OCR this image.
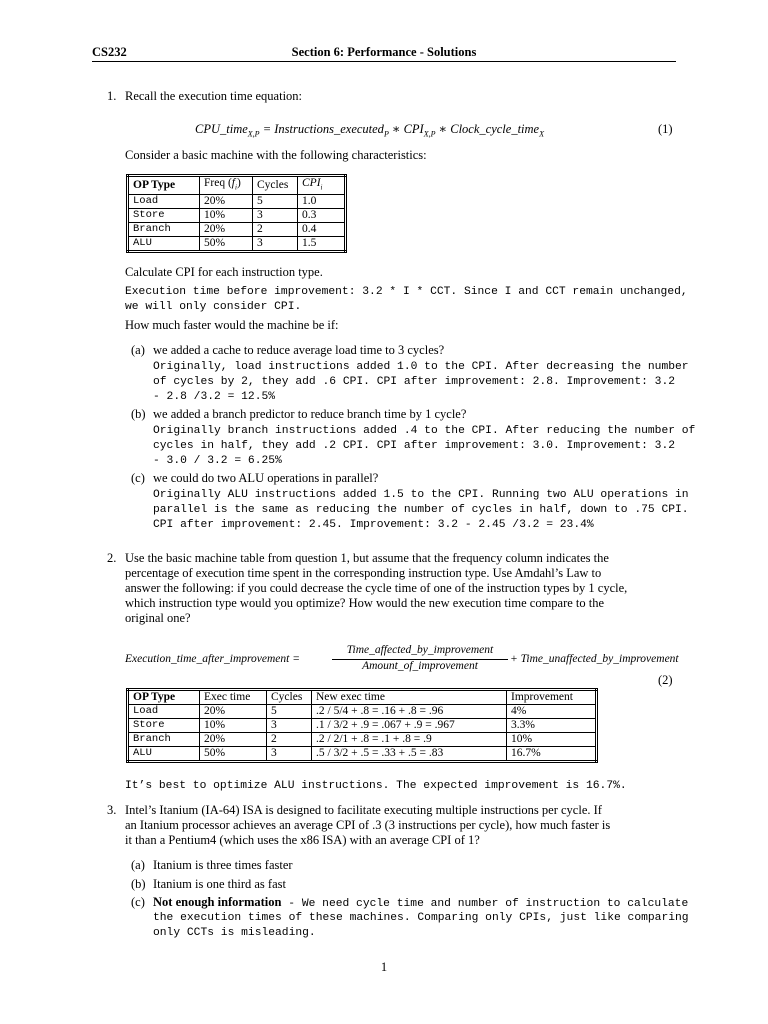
CS232	Section 6: Performance - Solutions
1. Recall the execution time equation:
CPU_time$_{X,P}$ = Instructions_executed$_P$ ∗ $CPI_{X,P}$ ∗ Clock_cycle_time$_X$	(1)
Consider a basic machine with the following characteristics:
OP Type	Freq $(f_i)$	Cycles	$CPI_i$
Load	20%	5	1.0
Store	10%	3	0.3
Branch	20%	2	0.4
ALU	50%	3	1.5
Calculate CPI for each instruction type.
Execution time before improvement: 3.2 * I * CCT. Since I and CCT remain unchanged,
we will only consider CPI.
How much faster would the machine be if:
(a) we added a cache to reduce average load time to 3 cycles?
Originally, load instructions added 1.0 to the CPI. After decreasing the number
of cycles by 2, they add .6 CPI. CPI after improvement: 2.8. Improvement: 3.2
- 2.8 /3.2 = 12.5%
(b) we added a branch predictor to reduce branch time by 1 cycle?
Originally branch instructions added .4 to the CPI. After reducing the number of
cycles in half, they add .2 CPI. CPI after improvement: 3.0. Improvement: 3.2
- 3.0 / 3.2 = 6.25%
(c) we could do two ALU operations in parallel?
Originally ALU instructions added 1.5 to the CPI. Running two ALU operations in
parallel is the same as reducing the number of cycles in half, down to .75 CPI.
CPI after improvement: 2.45. Improvement: 3.2 - 2.45 /3.2 = 23.4%
2. Use the basic machine table from question 1, but assume that the frequency column indicates the
percentage of execution time spent in the corresponding instruction type. Use Amdahl’s Law to
answer the following: if you could decrease the cycle time of one of the instruction types by 1 cycle,
which instruction type would you optimize? How would the new execution time compare to the
original one?
Execution_time_after_improvement =
Time_affected_by_improvement
Amount_of_improvement
+ Time_unaffected_by_improvement
(2)
OP Type	Exec time	Cycles	New exec time	Improvement
Load	20%	5	.2 / 5/4 + .8 = .16 + .8 = .96	4%
Store	10%	3	.1 / 3/2 + .9 = .067 + .9 = .967	3.3%
Branch	20%	2	.2 / 2/1 + .8 = .1 + .8 = .9	10%
ALU	50%	3	.5 / 3/2 + .5 = .33 + .5 = .83	16.7%
It’s best to optimize ALU instructions. The expected improvement is 16.7%.
3. Intel’s Itanium (IA-64) ISA is designed to facilitate executing multiple instructions per cycle. If
an Itanium processor achieves an average CPI of .3 (3 instructions per cycle), how much faster is
it than a Pentium4 (which uses the x86 ISA) with an average CPI of 1?
(a) Itanium is three times faster
(b) Itanium is one third as fast
(c) Not enough information - We need cycle time and number of instruction to calculate
the execution times of these machines. Comparing only CPIs, just like comparing
only CCTs is misleading.
1
